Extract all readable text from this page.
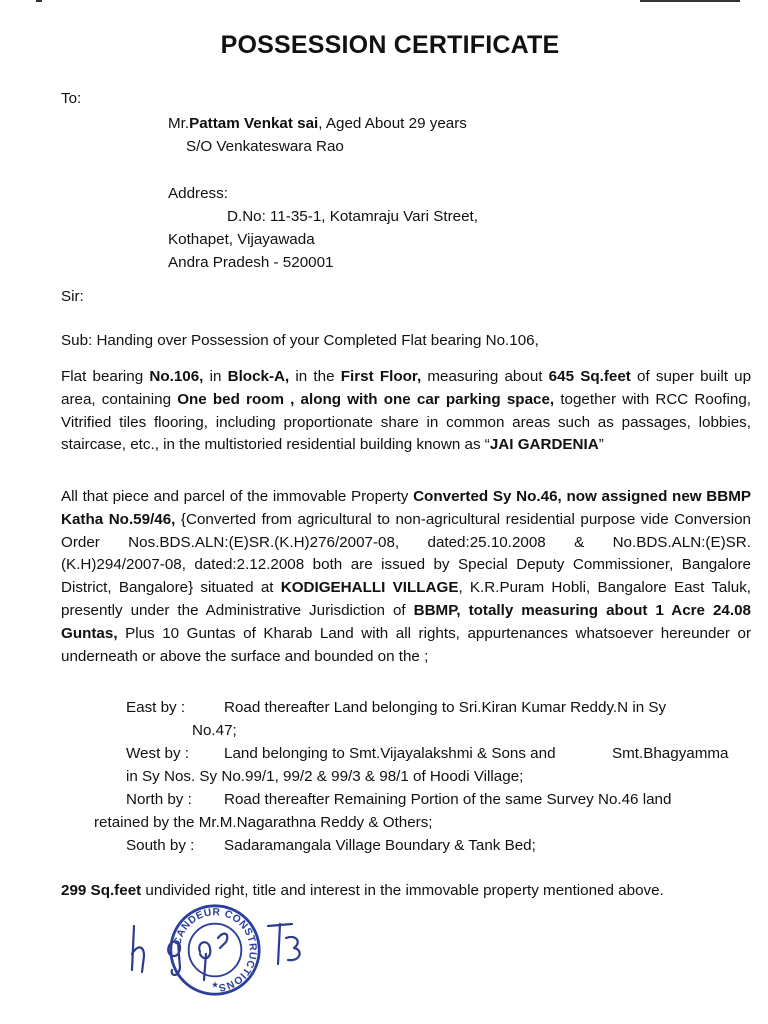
POSSESSION CERTIFICATE
To:
Mr.Pattam Venkat sai, Aged About 29 years
S/O Venkateswara Rao
Address:
D.No: 11-35-1, Kotamraju Vari Street,
Kothapet, Vijayawada
Andra Pradesh - 520001
Sir:
Sub: Handing over Possession of your Completed Flat bearing No.106,
Flat bearing No.106, in Block-A, in the First Floor, measuring about 645 Sq.feet of super built up area, containing One bed room , along with one car parking space, together with RCC Roofing, Vitrified tiles flooring, including proportionate share in common areas such as passages, lobbies, staircase, etc., in the multistoried residential building known as “JAI GARDENIA”
All that piece and parcel of the immovable Property Converted Sy No.46, now assigned new BBMP Katha No.59/46, {Converted from agricultural to non-agricultural residential purpose vide Conversion Order Nos.BDS.ALN:(E)SR.(K.H)276/2007-08, dated:25.10.2008 & No.BDS.ALN:(E)SR.(K.H)294/2007-08, dated:2.12.2008 both are issued by Special Deputy Commissioner, Bangalore District, Bangalore} situated at KODIGEHALLI VILLAGE, K.R.Puram Hobli, Bangalore East Taluk, presently under the Administrative Jurisdiction of BBMP, totally measuring about 1 Acre 24.08 Guntas, Plus 10 Guntas of Kharab Land with all rights, appurtenances whatsoever hereunder or underneath or above the surface and bounded on the ;
East by :	Road thereafter Land belonging to Sri.Kiran Kumar Reddy.N in Sy
No.47;
West by : Land belonging to Smt.Vijayalakshmi & Sons and	Smt.Bhagyamma
in Sy Nos. Sy No.99/1, 99/2 & 99/3 & 98/1 of Hoodi Village;
North by : Road thereafter Remaining Portion of the same Survey No.46 land
retained by the Mr.M.Nagarathna Reddy & Others;
South by : Sadaramangala Village Boundary & Tank Bed;
299 Sq.feet undivided right, title and interest in the immovable property mentioned above.
CANDEUR CONSTRUCTIONS
★
